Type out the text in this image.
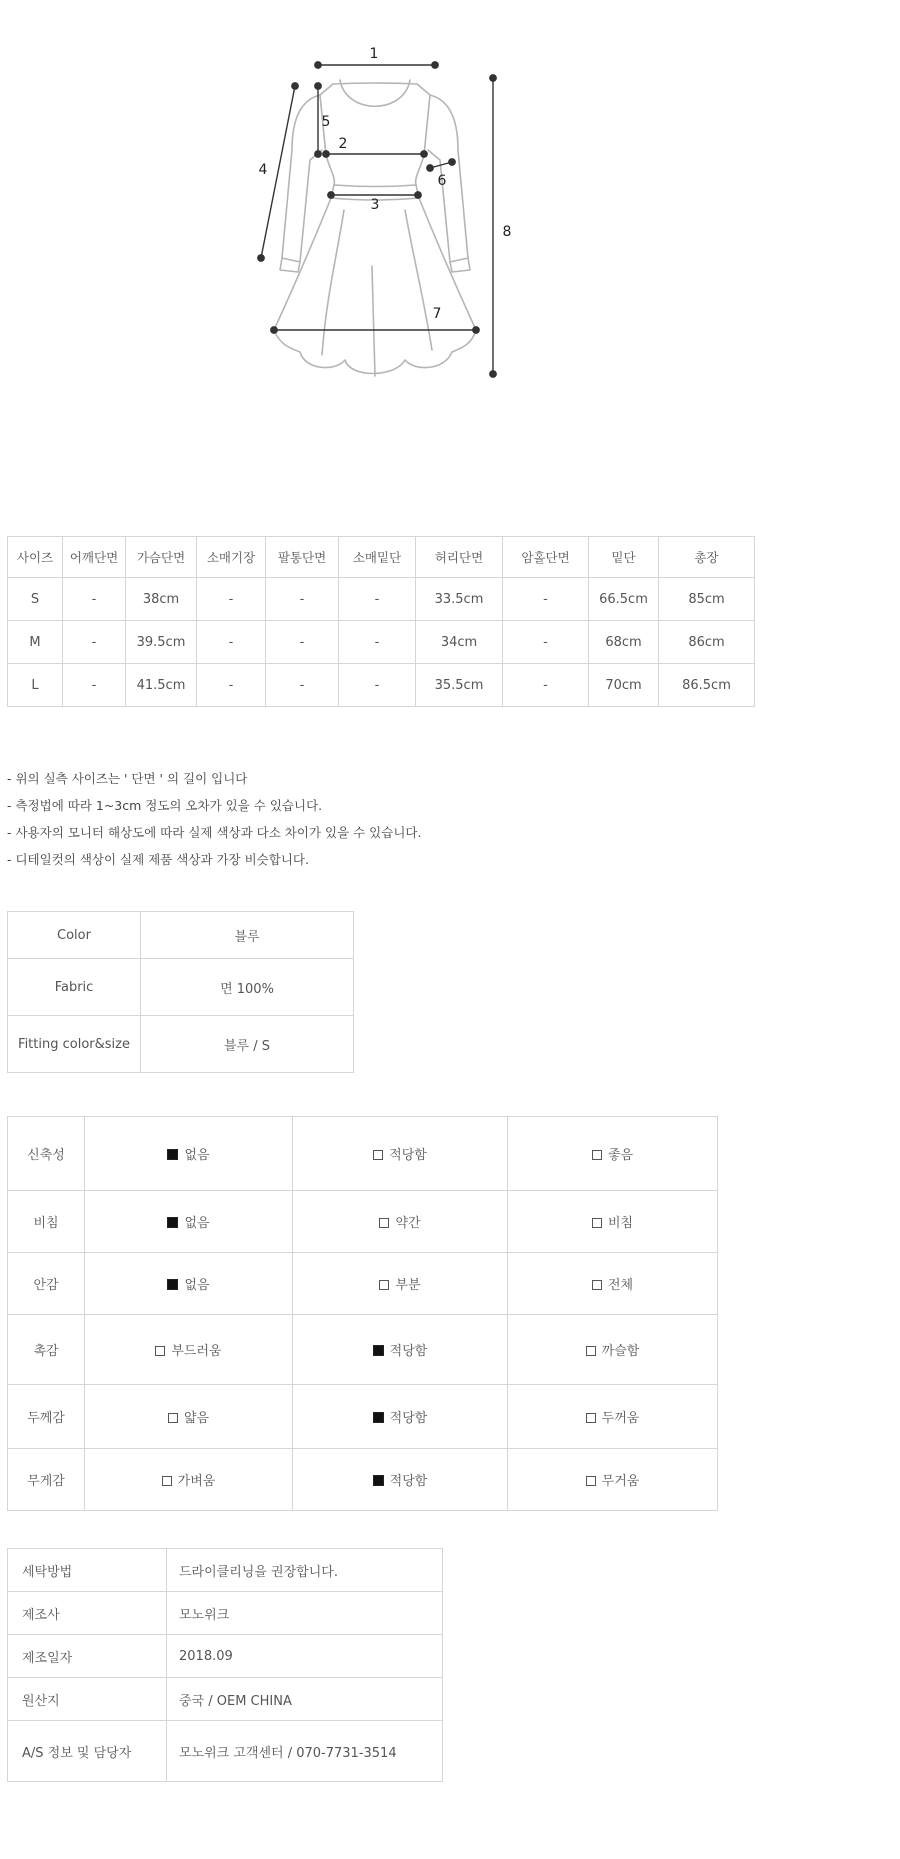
1
2
3
4
5
6
7
8
사이즈	어깨단면	가슴단면	소매기장	팔통단면	소매밑단	허리단면	암홀단면	밑단	총장
S	-	38cm	-	-	-	33.5cm	-	66.5cm	85cm
M	-	39.5cm	-	-	-	34cm	-	68cm	86cm
L	-	41.5cm	-	-	-	35.5cm	-	70cm	86.5cm
- 위의 실측 사이즈는 ' 단면 ' 의 길이 입니다
- 측정법에 따라 1~3cm 정도의 오차가 있을 수 있습니다.
- 사용자의 모니터 해상도에 따라 실제 색상과 다소 차이가 있을 수 있습니다.
- 디테일컷의 색상이 실제 제품 색상과 가장 비슷합니다.
Color	블루
Fabric	면 100%
Fitting color&size	블루 / S
신축성	없음	적당함	좋음
비침	없음	약간	비침
안감	없음	부분	전체
촉감	부드러움	적당함	까슬함
두께감	얇음	적당함	두꺼움
무게감	가벼움	적당함	무거움
세탁방법	드라이클리닝을 권장합니다.
제조사	모노위크
제조일자	2018.09
원산지	중국 / OEM CHINA
A/S 정보 및 담당자	모노위크 고객센터 / 070-7731-3514
